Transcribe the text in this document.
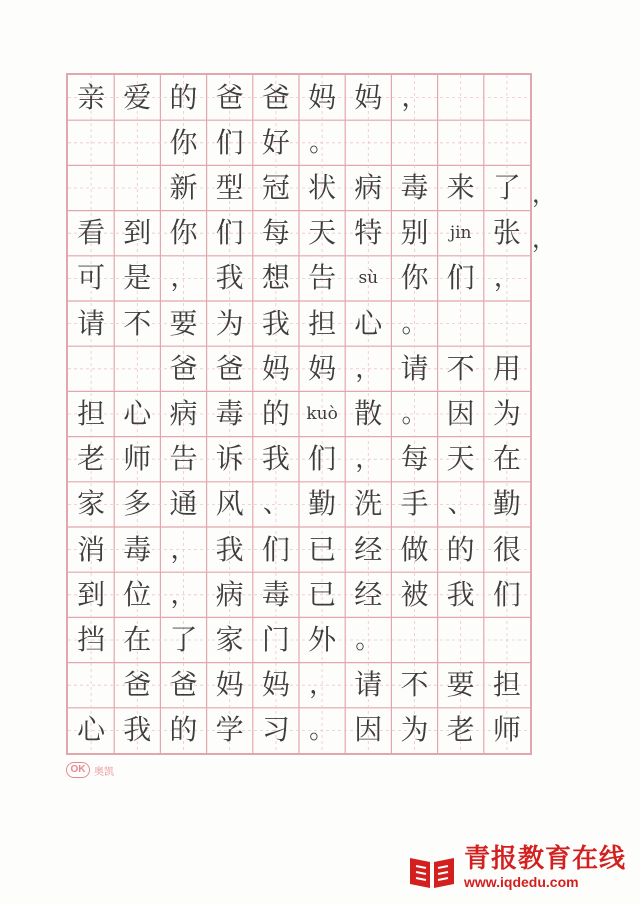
亲 爱 的 爸 爸 妈 妈 ，
你 们 好 。
新 型 冠 状 病 毒 来 了
看 到 你 们 每 天 特 别	jin 张
可 是 ， 我 想 告	sù 你 们 ，
请 不 要 为 我 担 心 。
爸 爸 妈 妈 ， 请 不 用
担 心 病 毒 的 kuò 散 。 因 为
老 师 告 诉 我 们 ， 每 天 在
家 多 通 风 、 勤 洗 手 、 勤
消 毒 ， 我 们 已 经 做 的 很
到 位 ， 病 毒 已 经 被 我 们
挡 在 了 家 门 外 。
爸 爸 妈 妈 ， 请 不 要 担
心 我 的 学 习 。 因 为 老 师
，
，
OK 奥凯
青报教育在线
www.iqdedu.com
